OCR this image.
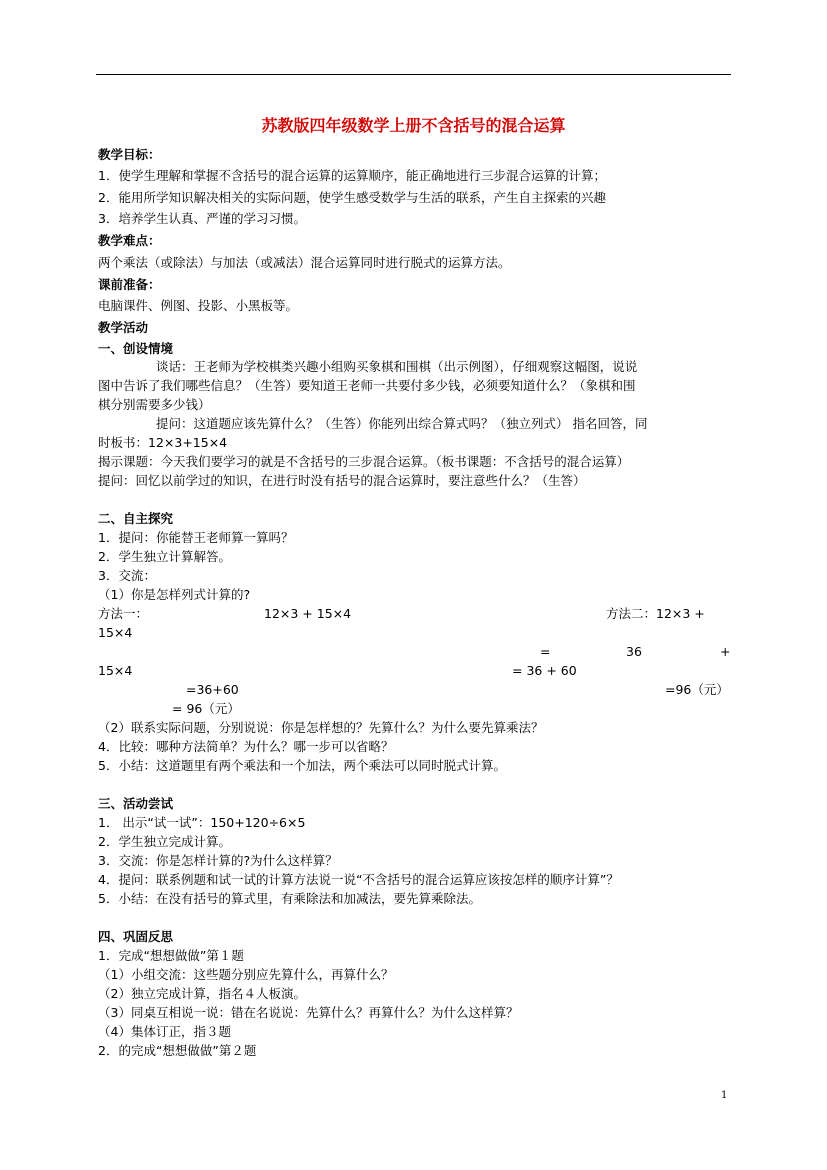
苏教版四年级数学上册不含括号的混合运算
教学目标：
1．使学生理解和掌握不含括号的混合运算的运算顺序，能正确地进行三步混合运算的计算；
2．能用所学知识解决相关的实际问题，使学生感受数学与生活的联系，产生自主探索的兴趣
3．培养学生认真、严谨的学习习惯。
教学难点：
两个乘法（或除法）与加法（或减法）混合运算同时进行脱式的运算方法。
课前准备：
电脑课件、例图、投影、小黑板等。
教学活动
一、创设情境
谈话：王老师为学校棋类兴趣小组购买象棋和围棋（出示例图），仔细观察这幅图，说说
图中告诉了我们哪些信息？（生答）要知道王老师一共要付多少钱，必须要知道什么？（象棋和围
棋分别需要多少钱）
提问：这道题应该先算什么？（生答）你能列出综合算式吗？（独立列式） 指名回答，同
时板书：12×3+15×4
揭示课题：今天我们要学习的就是不含括号的三步混合运算。（板书课题：不含括号的混合运算）
提问：回忆以前学过的知识，在进行时没有括号的混合运算时，要注意些什么？（生答）
二、自主探究
1．提问：你能替王老师算一算吗？
2．学生独立计算解答。
3．交流：
（1）你是怎样列式计算的?
方法一：	12×3 + 15×4	方法二：12×3 +
15×4
=	36	+
15×4	= 36 + 60
=36+60	=96（元）
= 96（元）
（2）联系实际问题，分别说说：你是怎样想的？先算什么？为什么要先算乘法？
4．比较：哪种方法简单？为什么？哪一步可以省略？
5．小结：这道题里有两个乘法和一个加法，两个乘法可以同时脱式计算。
三、活动尝试
1． 出示“试一试”：150+120÷6×5
2．学生独立完成计算。
3．交流：你是怎样计算的?为什么这样算？
4．提问：联系例题和试一试的计算方法说一说“不含括号的混合运算应该按怎样的顺序计算”？
5．小结：在没有括号的算式里，有乘除法和加减法，要先算乘除法。
四、巩固反思
1．完成“想想做做”第１题
（1）小组交流：这些题分别应先算什么，再算什么？
（2）独立完成计算，指名４人板演。
（3）同桌互相说一说：错在名说说：先算什么？再算什么？为什么这样算？
（4）集体订正，指３题
2．的完成“想想做做”第２题
1
